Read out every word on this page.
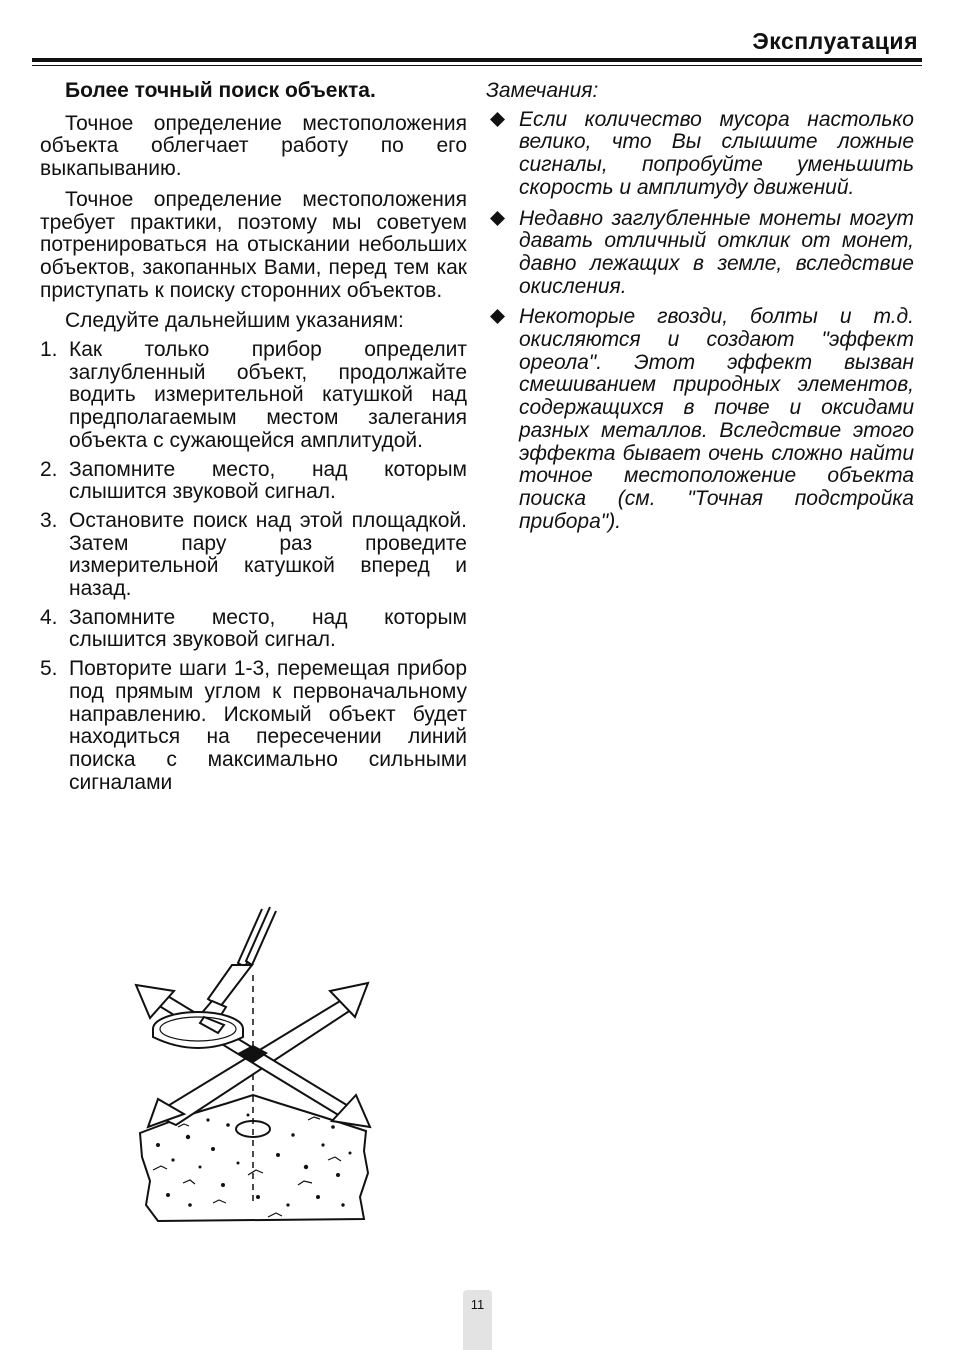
Эксплуатация
Более точный поиск объекта.

Точное определение местоположения объекта облегчает работу по его выкапыванию.

Точное определение местоположения требует практики, поэтому мы советуем потренироваться на отыскании небольших объектов, закопанных Вами, перед тем как приступать к поиску сторонних объектов.

Следуйте дальнейшим указаниям:

1. Как только прибор определит заглубленный объект, продолжайте водить измерительной катушкой над предполагаемым местом залегания объекта с сужающейся амплитудой.
2. Запомните место, над которым слышится звуковой сигнал.
3. Остановите поиск над этой площадкой. Затем пару раз проведите измерительной катушкой вперед и назад.
4. Запомните место, над которым слышится звуковой сигнал.
5. Повторите шаги 1-3, перемещая прибор под прямым углом к первоначальному направлению. Искомый объект будет находиться на пересечении линий поиска с максимально сильными сигналами

Замечания:

Если количество мусора настолько велико, что Вы слышите ложные сигналы, попробуйте уменьшить скорость и амплитуду движений.
Недавно заглубленные монеты могут давать отличный отклик от монет, давно лежащих в земле, вследствие окисления.
Некоторые гвозди, болты и т.д. окисляются и создают "эффект ореола". Этот эффект вызван смешиванием природных элементов, содержащихся в почве и оксидами разных металлов. Вследствие этого эффекта бывает очень сложно найти точное местоположение объекта поиска (см. "Точная подстройка прибора").
11
